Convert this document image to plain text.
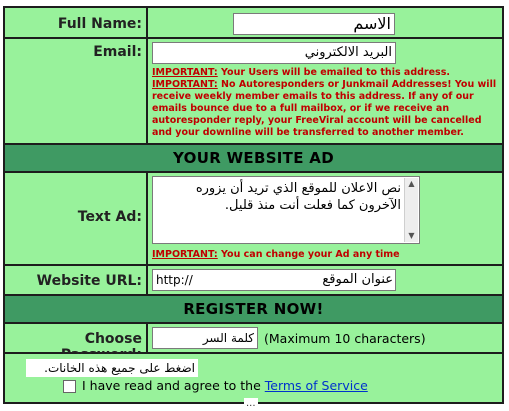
Full Name:	الاسم
Email:	البريد الالكتروني
IMPORTANT: Your Users will be emailed to this address.
IMPORTANT: No Autoresponders or Junkmail Addresses! You will receive weekly member emails to this address. If any of our emails bounce due to a full mailbox, or if we receive an autoresponder reply, your FreeViral account will be cancelled and your downline will be transferred to another member.
YOUR WEBSITE AD
Text Ad:
نص الاعلان للموقع الذي تريد أن يزوره الآخرون كما فعلت أنت منذ قليل.
▲
▼
IMPORTANT: You can change your Ad any time
Website URL:	http://	عنوان الموقع
REGISTER NOW!
Choose	كلمة السر (Maximum 10 characters)
اضغط على جميع هذه الخانات.
I have read and agree to the Terms of Service
...
